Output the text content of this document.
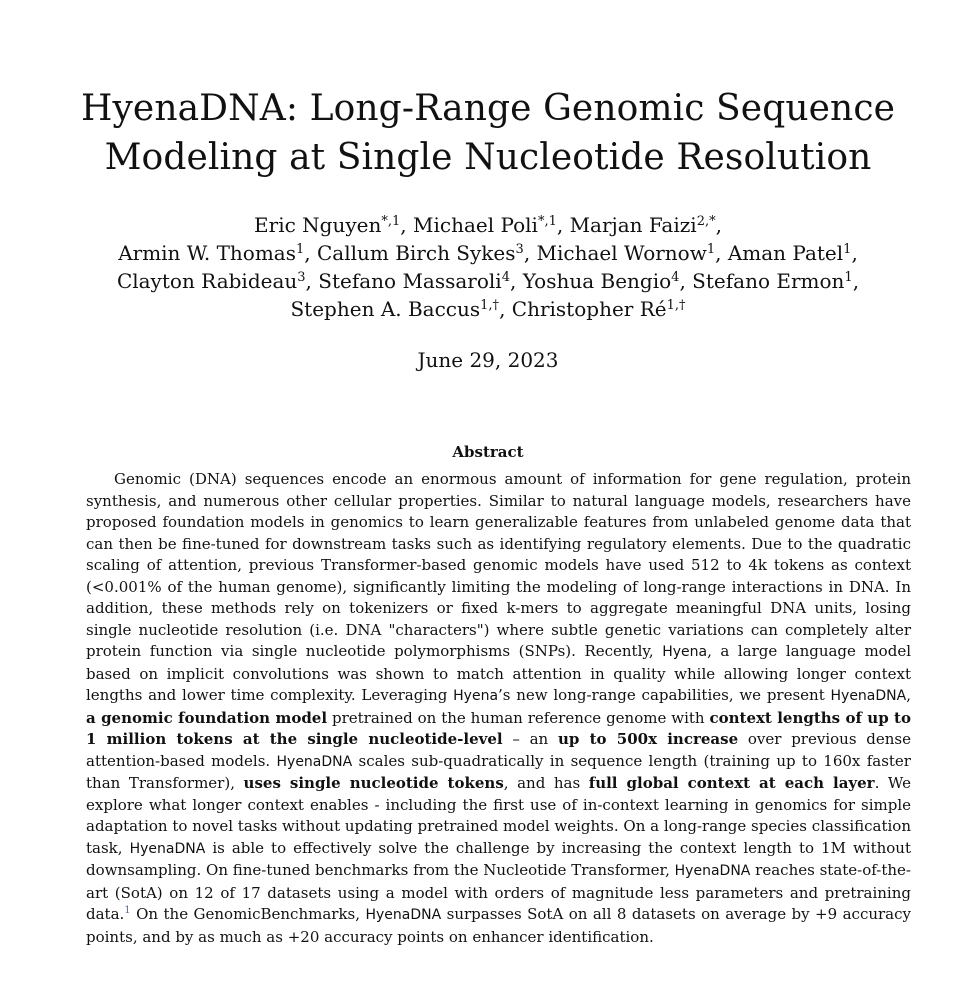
HyenaDNA: Long-Range Genomic Sequence
Modeling at Single Nucleotide Resolution
Eric Nguyen$^{*,1}$, Michael Poli$^{*,1}$, Marjan Faizi$^{2,*}$,
Armin W. Thomas$^1$, Callum Birch Sykes$^3$, Michael Wornow$^1$, Aman Patel$^1$,
Clayton Rabideau$^3$, Stefano Massaroli$^4$, Yoshua Bengio$^4$, Stefano Ermon$^1$,
Stephen A. Baccus$^{1,\dagger}$, Christopher $Ré^{1,\dagger}$
June 29, 2023
Abstract

Genomic (DNA) sequences encode an enormous amount of information for gene regulation, protein synthesis, and numerous other cellular properties. Similar to natural language models, researchers have proposed foundation models in genomics to learn generalizable features from unlabeled genome data that can then be fine-tuned for downstream tasks such as identifying regulatory elements. Due to the quadratic scaling of attention, previous Transformer-based genomic models have used 512 to 4k tokens as context (<0.001% of the human genome), significantly limiting the modeling of long-range interactions in DNA. In addition, these methods rely on tokenizers or fixed k-mers to aggregate meaningful DNA units, losing single nucleotide resolution (i.e. DNA "characters") where subtle genetic variations can completely alter protein function via single nucleotide polymorphisms (SNPs). Recently, Hyena, a large language model based on implicit convolutions was shown to match attention in quality while allowing longer context lengths and lower time complexity. Leveraging Hyena’s new long-range capabilities, we present HyenaDNA, a genomic foundation model pretrained on the human reference genome with context lengths of up to 1 million tokens at the single nucleotide-level – an up to 500x increase over previous dense attention-based models. HyenaDNA scales sub-quadratically in sequence length (training up to 160x faster than Transformer), uses single nucleotide tokens, and has full global context at each layer. We explore what longer context enables - including the first use of in-context learning in genomics for simple adaptation to novel tasks without updating pretrained model weights. On a long-range species classification task, HyenaDNA is able to effectively solve the challenge by increasing the context length to 1M without downsampling. On fine-tuned benchmarks from the Nucleotide Transformer, HyenaDNA reaches state-of-the-art (SotA) on 12 of 17 datasets using a model with orders of magnitude less parameters and pretraining data.$^1$ On the GenomicBenchmarks, HyenaDNA surpasses SotA on all 8 datasets on average by +9 accuracy points, and by as much as +20 accuracy points on enhancer identification.
